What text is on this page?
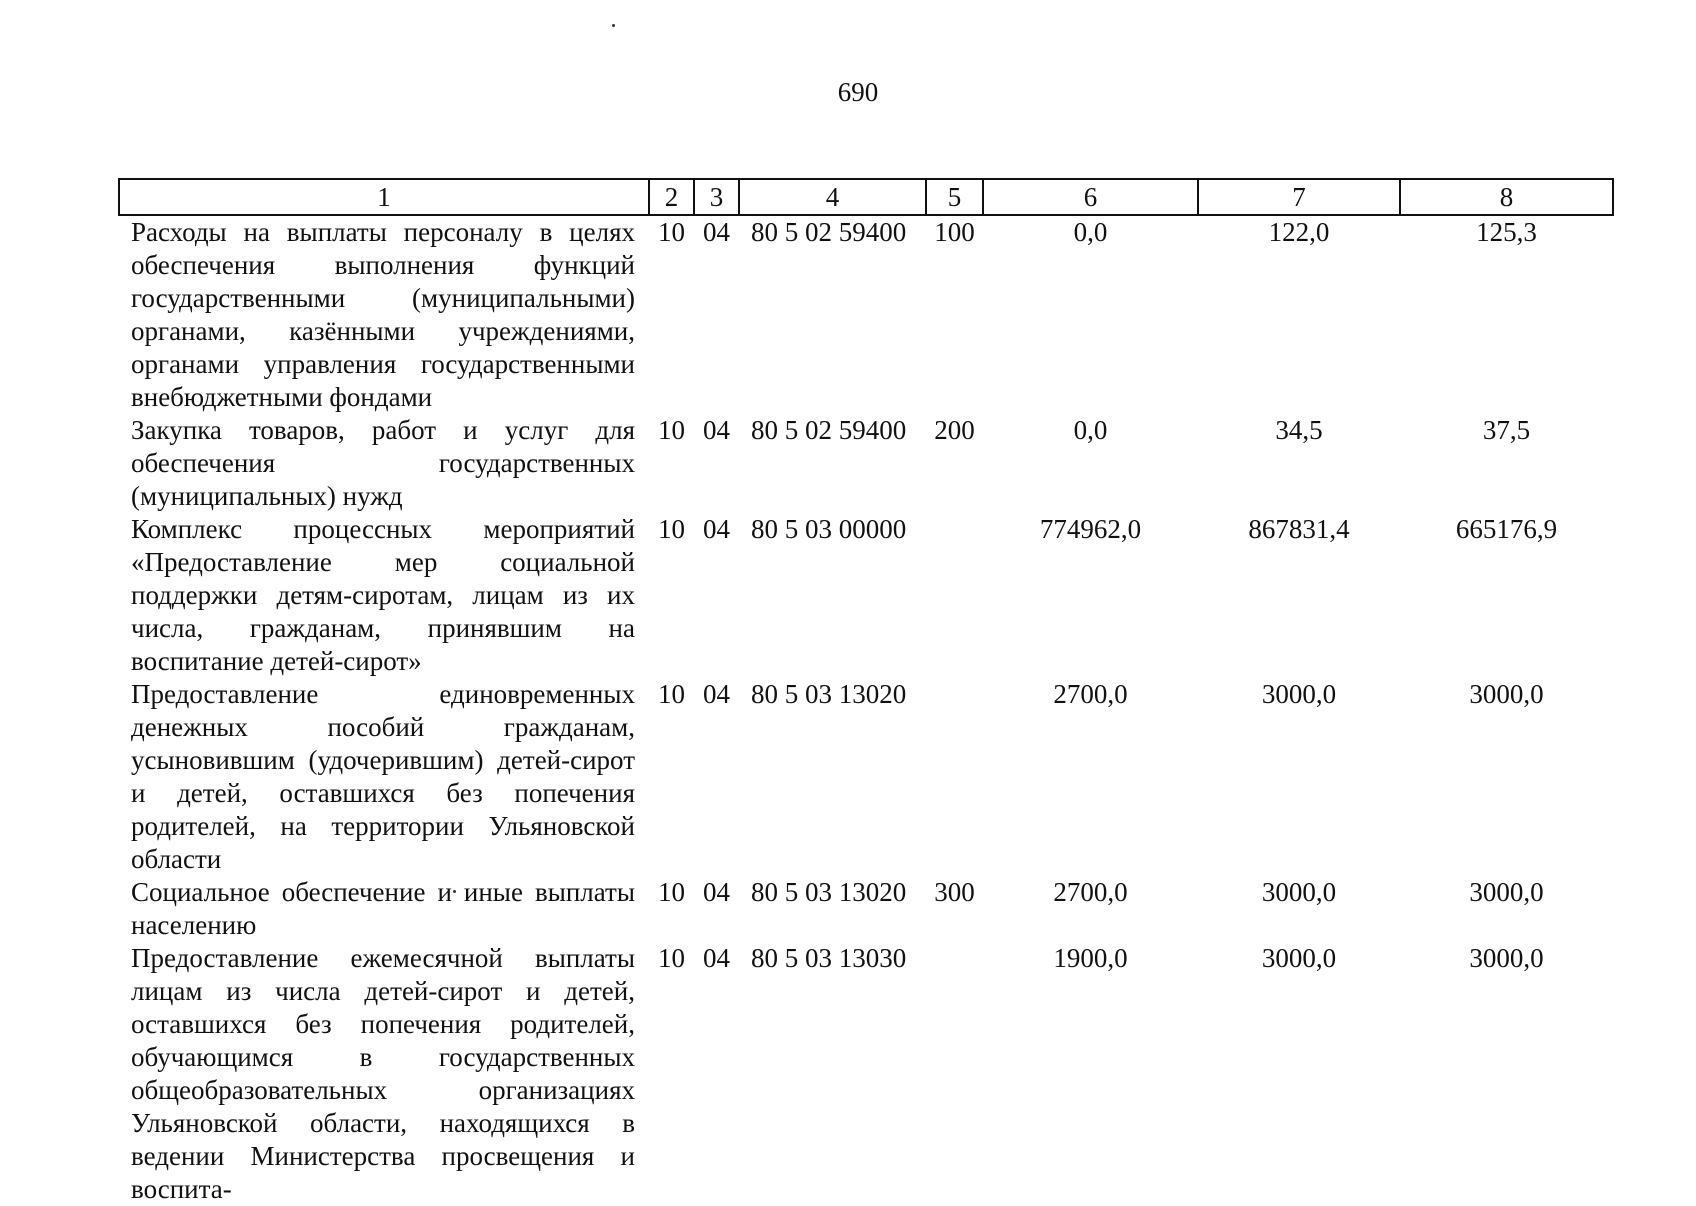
690
1	2	3	4	5	6	7	8
Расходы на выплаты персоналу в целях обеспечения выполнения функций государственными (муниципальными) органами, казёнными учреждениями, органами управления государственными внебюджетными фондами	10	04	80 5 02 59400	100	0,0	122,0	125,3
Закупка товаров, работ и услуг для обеспечения государственных (муниципальных) нужд	10	04	80 5 02 59400	200	0,0	34,5	37,5
Комплекс процессных мероприятий «Предоставление мер социальной поддержки детям-сиротам, лицам из их числа, гражданам, принявшим на воспитание детей-сирот»	10	04	80 5 03 00000		774962,0	867831,4	665176,9
Предоставление единовременных денежных пособий гражданам, усыновившим (удочерившим) детей-сирот и детей, оставшихся без попечения родителей, на территории Ульяновской области	10	04	80 5 03 13020		2700,0	3000,0	3000,0
Социальное обеспечение и иные выплаты населению	10	04	80 5 03 13020	300	2700,0	3000,0	3000,0
Предоставление ежемесячной выплаты лицам из числа детей-сирот и детей, оставшихся без попечения родителей, обучающимся в государственных общеобразовательных организациях Ульяновской области, находящихся в ведении Министерства просвещения и воспита-	10	04	80 5 03 13030		1900,0	3000,0	3000,0
